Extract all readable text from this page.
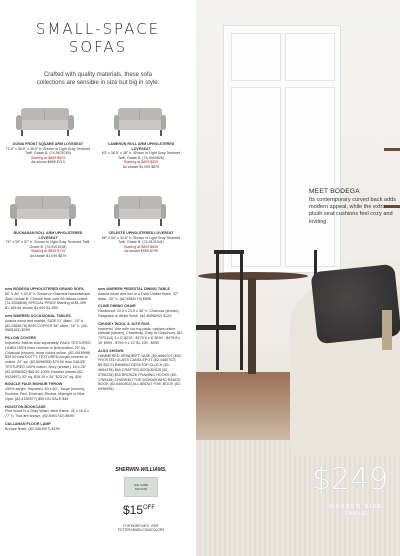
SMALL-SPACE
SOFAS
Crafted with quality materials, these sofa collections are sensible in size but big in style.
SONIA FRONT SQUARE ARM LOVESEAT
71.5" x 36.5" x 35.5" h. Shown in Light Gray Textured Twill, Grade B. (74-9676760)
Starting at $899 $629
As shown $899 $719
CAMERON ROLL ARM UPHOLSTERED LOVESEAT
63" x 38.5" x 38" h. Shown in Light Gray Textured Twill, Grade B. (74-9404926)
Starting at $899 $639
As shown $1,099 $879
BUCHANAN ROLL ARM UPHOLSTERED LOVESEAT
79" x 39" x 37" h. Shown in Light Gray Textured Twill, Grade B. (74-9101918)
Starting at $899 $719
As shown $1,099 $879
CELESTE UPHOLSTERED LOVESEAT
66" x 34" x 34.5" h. Shown in Light Gray Textured Twill, Grade B. (74-9101941)
Starting at $899 $639
As shown $999 $799
new BODEGA UPHOLSTERED GRAND SOFA
80" x 36" x 30.5" h. Shown in Oatmeal Basketweave Slub, Grade B. Choose from over 65 fabrics online. (74-4536846) SPECIAL PRICE Starting at $1,499 $1,199 As shown $1,699 $1,359
new WARREN OCCASIONAL TABLES
Acacia wood and marble. SIDE 21" diam., 24" h. (82-9565176) $299 COFFEE 38" diam., 16" h. (82-9565163) $399
PILLOW COVERS
Imported. Inserts sold separately. FAUX TEXTURED LINEN 100% linen-reverse to linen/cotton. 20" sq. Charcoal (shown), more colors online. (82-4916998) $39.50 new DOTTY TEXTURED Acrylic-reverse to cotton. 24" sq. (82-6096058) $79.50 new GAUZE TEXTURED 100% cotton. Ivory (shown). 16 x 26" (82-6096062) $65.50 100% Heather Inserts (82-0924897) 20" sq. $15 16 x 26" $20 24" sq. $26
BOUCLE FAUX MOHAIR THROW
100% acrylic. Imported. 50 x 60". Taupe (shown), Fuchsia, Red, Emerald, Riviera, Midnight or Blue Opal. (82-4155977) $59 ON SALE $49
HOUSTON BOOKCASE
Pine wood in a Gray Wash; steel frame. 42 x 16.5 x 77" h. Two are shown. (82-9491742) $699
CALLAHAN FLOOR LAMP
Bronze finish. (82-5461007) $199
new WARREN PEDESTAL DINING TABLE
Acacia wood and iron in a Dark Umber finish. 42" diam., 30" h. (82-9565179) $599
CLINE DINING CHAIR
Hardwood. 19.5 x 21.5 x 36" h. Charcoal (shown), Seagrass or White finish. (82-6096092) $129
CHUNKY WOOL & JUTE RUG
Imported. Use with our rug pads; options online. Natural (shown), Chambray, Gray or Gray/Ivory. (82-7370114) 3 x 5' $219 - $179 5 x 8' $599 - $479 8 x 10' $999 - $799 9 x 12' $1,199 - $959
ALSO SHOWN
HAMMERED SPINDRIFT VASE (82-6560707) $49 FROSTED GLASS CANDLEPOT (82-4460702) $9-$15 FLEMMING DESKTOP CLOCK (82-9804278) $69 CRAFTED BOOKENDS (82-3706228) $39 BRONZE FRAMING HOOKS (82-1769448) CHARRED THE WOMAN WHO READS BOOK (82-6460462) ALL ABOUT FIVE BOOK (82-6396995)
SHERWIN-WILLIAMS.
ICE CUBE
SW 6252
$\$15^{OFF}$
FOR MORE INFO, VISIT POTTERYBARN.COM/COLORS
MEET BODEGA
Its contemporary curved back adds modern appeal, while the extra-plush seat cushions feel cozy and inviting.
$249
WARREN SIDE TABLE
